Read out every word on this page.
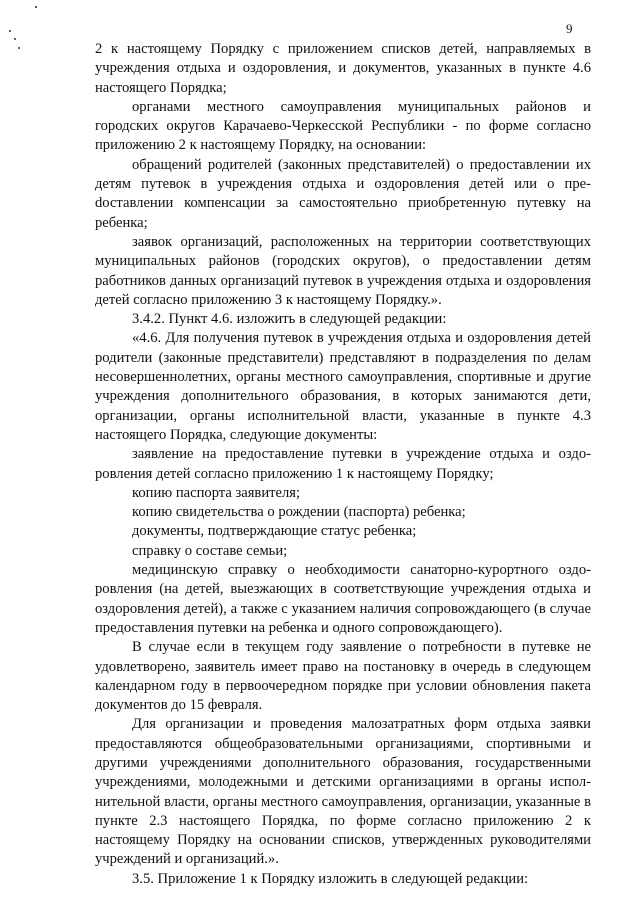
9

2 к настоящему Порядку с приложением списков детей, направляемых в учреждения отдыха и оздоровления, и документов, указанных в пункте 4.6 настоящего Порядка;

органами местного самоуправления муниципальных районов и городских округов Карачаево-Черкесской Республики - по форме согласно приложению 2 к настоящему Порядку, на основании:

обращений родителей (законных представителей) о предоставлении их детям путевок в учреждения отдыха и оздоровления детей или о преdоставлении компенсации за самостоятельно приобретенную путевку на ребенка;

заявок организаций, расположенных на территории соответствующих муниципальных районов (городских округов), о предоставлении детям работников данных организаций путевок в учреждения отдыха и оздоровления детей согласно приложению 3 к настоящему Порядку.».

3.4.2. Пункт 4.6. изложить в следующей редакции:

«4.6. Для получения путевок в учреждения отдыха и оздоровления детей родители (законные представители) представляют в подразделения по делам несовершеннолетних, органы местного самоуправления, спортивные и другие учреждения дополнительного образования, в которых занимаются дети, организации, органы исполнительной власти, указанные в пункте 4.3 настоящего Порядка, следующие документы:

заявление на предоставление путевки в учреждение отдыха и оздоровления детей согласно приложению 1 к настоящему Порядку;

копию паспорта заявителя;

копию свидетельства о рождении (паспорта) ребенка;

документы, подтверждающие статус ребенка;

справку о составе семьи;

медицинскую справку о необходимости санаторно-курортного оздоровления (на детей, выезжающих в соответствующие учреждения отдыха и оздоровления детей), а также с указанием наличия сопровождающего (в случае предоставления путевки на ребенка и одного сопровождающего).

В случае если в текущем году заявление о потребности в путевке не удовлетворено, заявитель имеет право на постановку в очередь в следующем календарном году в первоочередном порядке при условии обновления пакета документов до 15 февраля.

Для организации и проведения малозатратных форм отдыха заявки предоставляются общеобразовательными организациями, спортивными и другими учреждениями дополнительного образования, государственными учреждениями, молодежными и детскими организациями в органы исполнительной власти, органы местного самоуправления, организации, указанные в пункте 2.3 настоящего Порядка, по форме согласно приложению 2 к настоящему Порядку на основании списков, утвержденных руководителями учреждений и организаций.».

3.5. Приложение 1 к Порядку изложить в следующей редакции:
